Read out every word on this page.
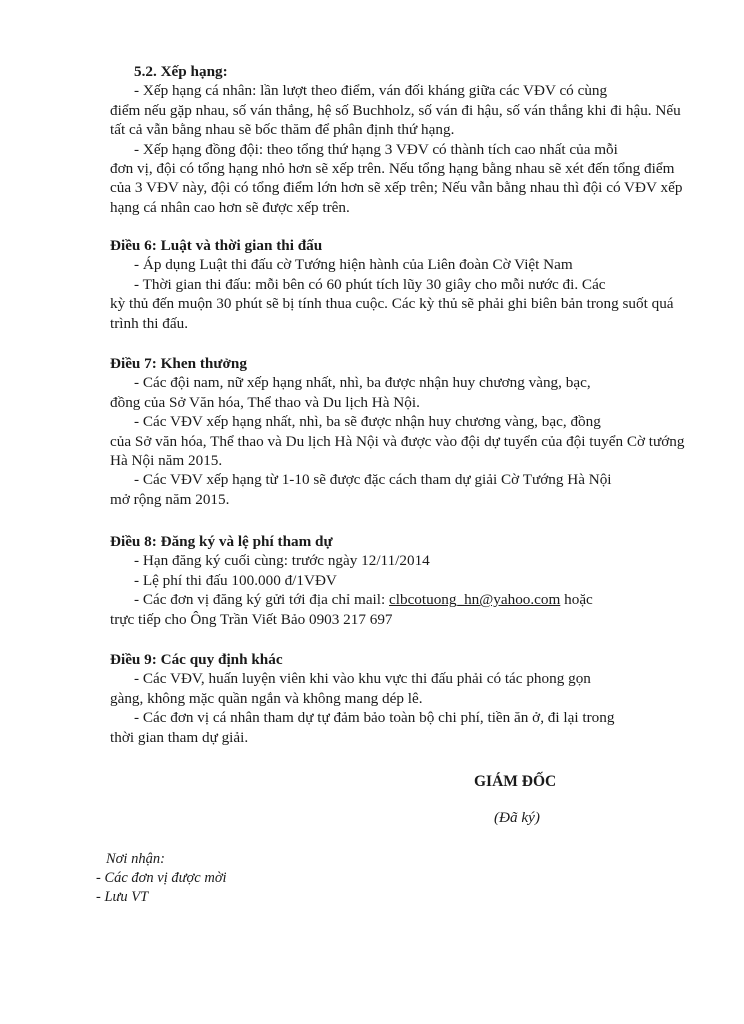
5.2. Xếp hạng:

- Xếp hạng cá nhân: lần lượt theo điểm, ván đối kháng giữa các VĐV có cùng

điểm nếu gặp nhau, số ván thắng, hệ số Buchholz, số ván đi hậu, số ván thắng khi đi hậu. Nếu tất cả vẫn bằng nhau sẽ bốc thăm để phân định thứ hạng.

- Xếp hạng đồng đội: theo tổng thứ hạng 3 VĐV có thành tích cao nhất của mỗi

đơn vị, đội có tổng hạng nhỏ hơn sẽ xếp trên. Nếu tổng hạng bằng nhau sẽ xét đến tổng điểm của 3 VĐV này, đội có tổng điểm lớn hơn sẽ xếp trên; Nếu vẫn bằng nhau thì đội có VĐV xếp hạng cá nhân cao hơn sẽ được xếp trên.

Điều 6: Luật và thời gian thi đấu

- Áp dụng Luật thi đấu cờ Tướng hiện hành của Liên đoàn Cờ Việt Nam

- Thời gian thi đấu: mỗi bên có 60 phút tích lũy 30 giây cho mỗi nước đi. Các

kỳ thủ đến muộn 30 phút sẽ bị tính thua cuộc. Các kỳ thủ sẽ phải ghi biên bản trong suốt quá trình thi đấu.

Điều 7: Khen thưởng

- Các đội nam, nữ xếp hạng nhất, nhì, ba được nhận huy chương vàng, bạc,

đồng của Sở Văn hóa, Thể thao và Du lịch Hà Nội.

- Các VĐV xếp hạng nhất, nhì, ba sẽ được nhận huy chương vàng, bạc, đồng

của Sở văn hóa, Thể thao và Du lịch Hà Nội và được vào đội dự tuyển của đội tuyển Cờ tướng Hà Nội năm 2015.

- Các VĐV xếp hạng từ 1-10 sẽ được đặc cách tham dự giải Cờ Tướng Hà Nội

mở rộng năm 2015.

Điều 8: Đăng ký và lệ phí tham dự

- Hạn đăng ký cuối cùng: trước ngày 12/11/2014

- Lệ phí thi đấu 100.000 đ/1VĐV

- Các đơn vị đăng ký gửi tới địa chỉ mail: clbcotuong_hn@yahoo.com hoặc

trực tiếp cho Ông Trần Viết Bảo 0903 217 697

Điều 9: Các quy định khác

- Các VĐV, huấn luyện viên khi vào khu vực thi đấu phải có tác phong gọn

gàng, không mặc quần ngắn và không mang dép lê.

- Các đơn vị cá nhân tham dự tự đảm bảo toàn bộ chi phí, tiền ăn ở, đi lại trong

thời gian tham dự giải.

GIÁM ĐỐC
(Đã ký)

Nơi nhận:

- Các đơn vị được mời

- Lưu VT
